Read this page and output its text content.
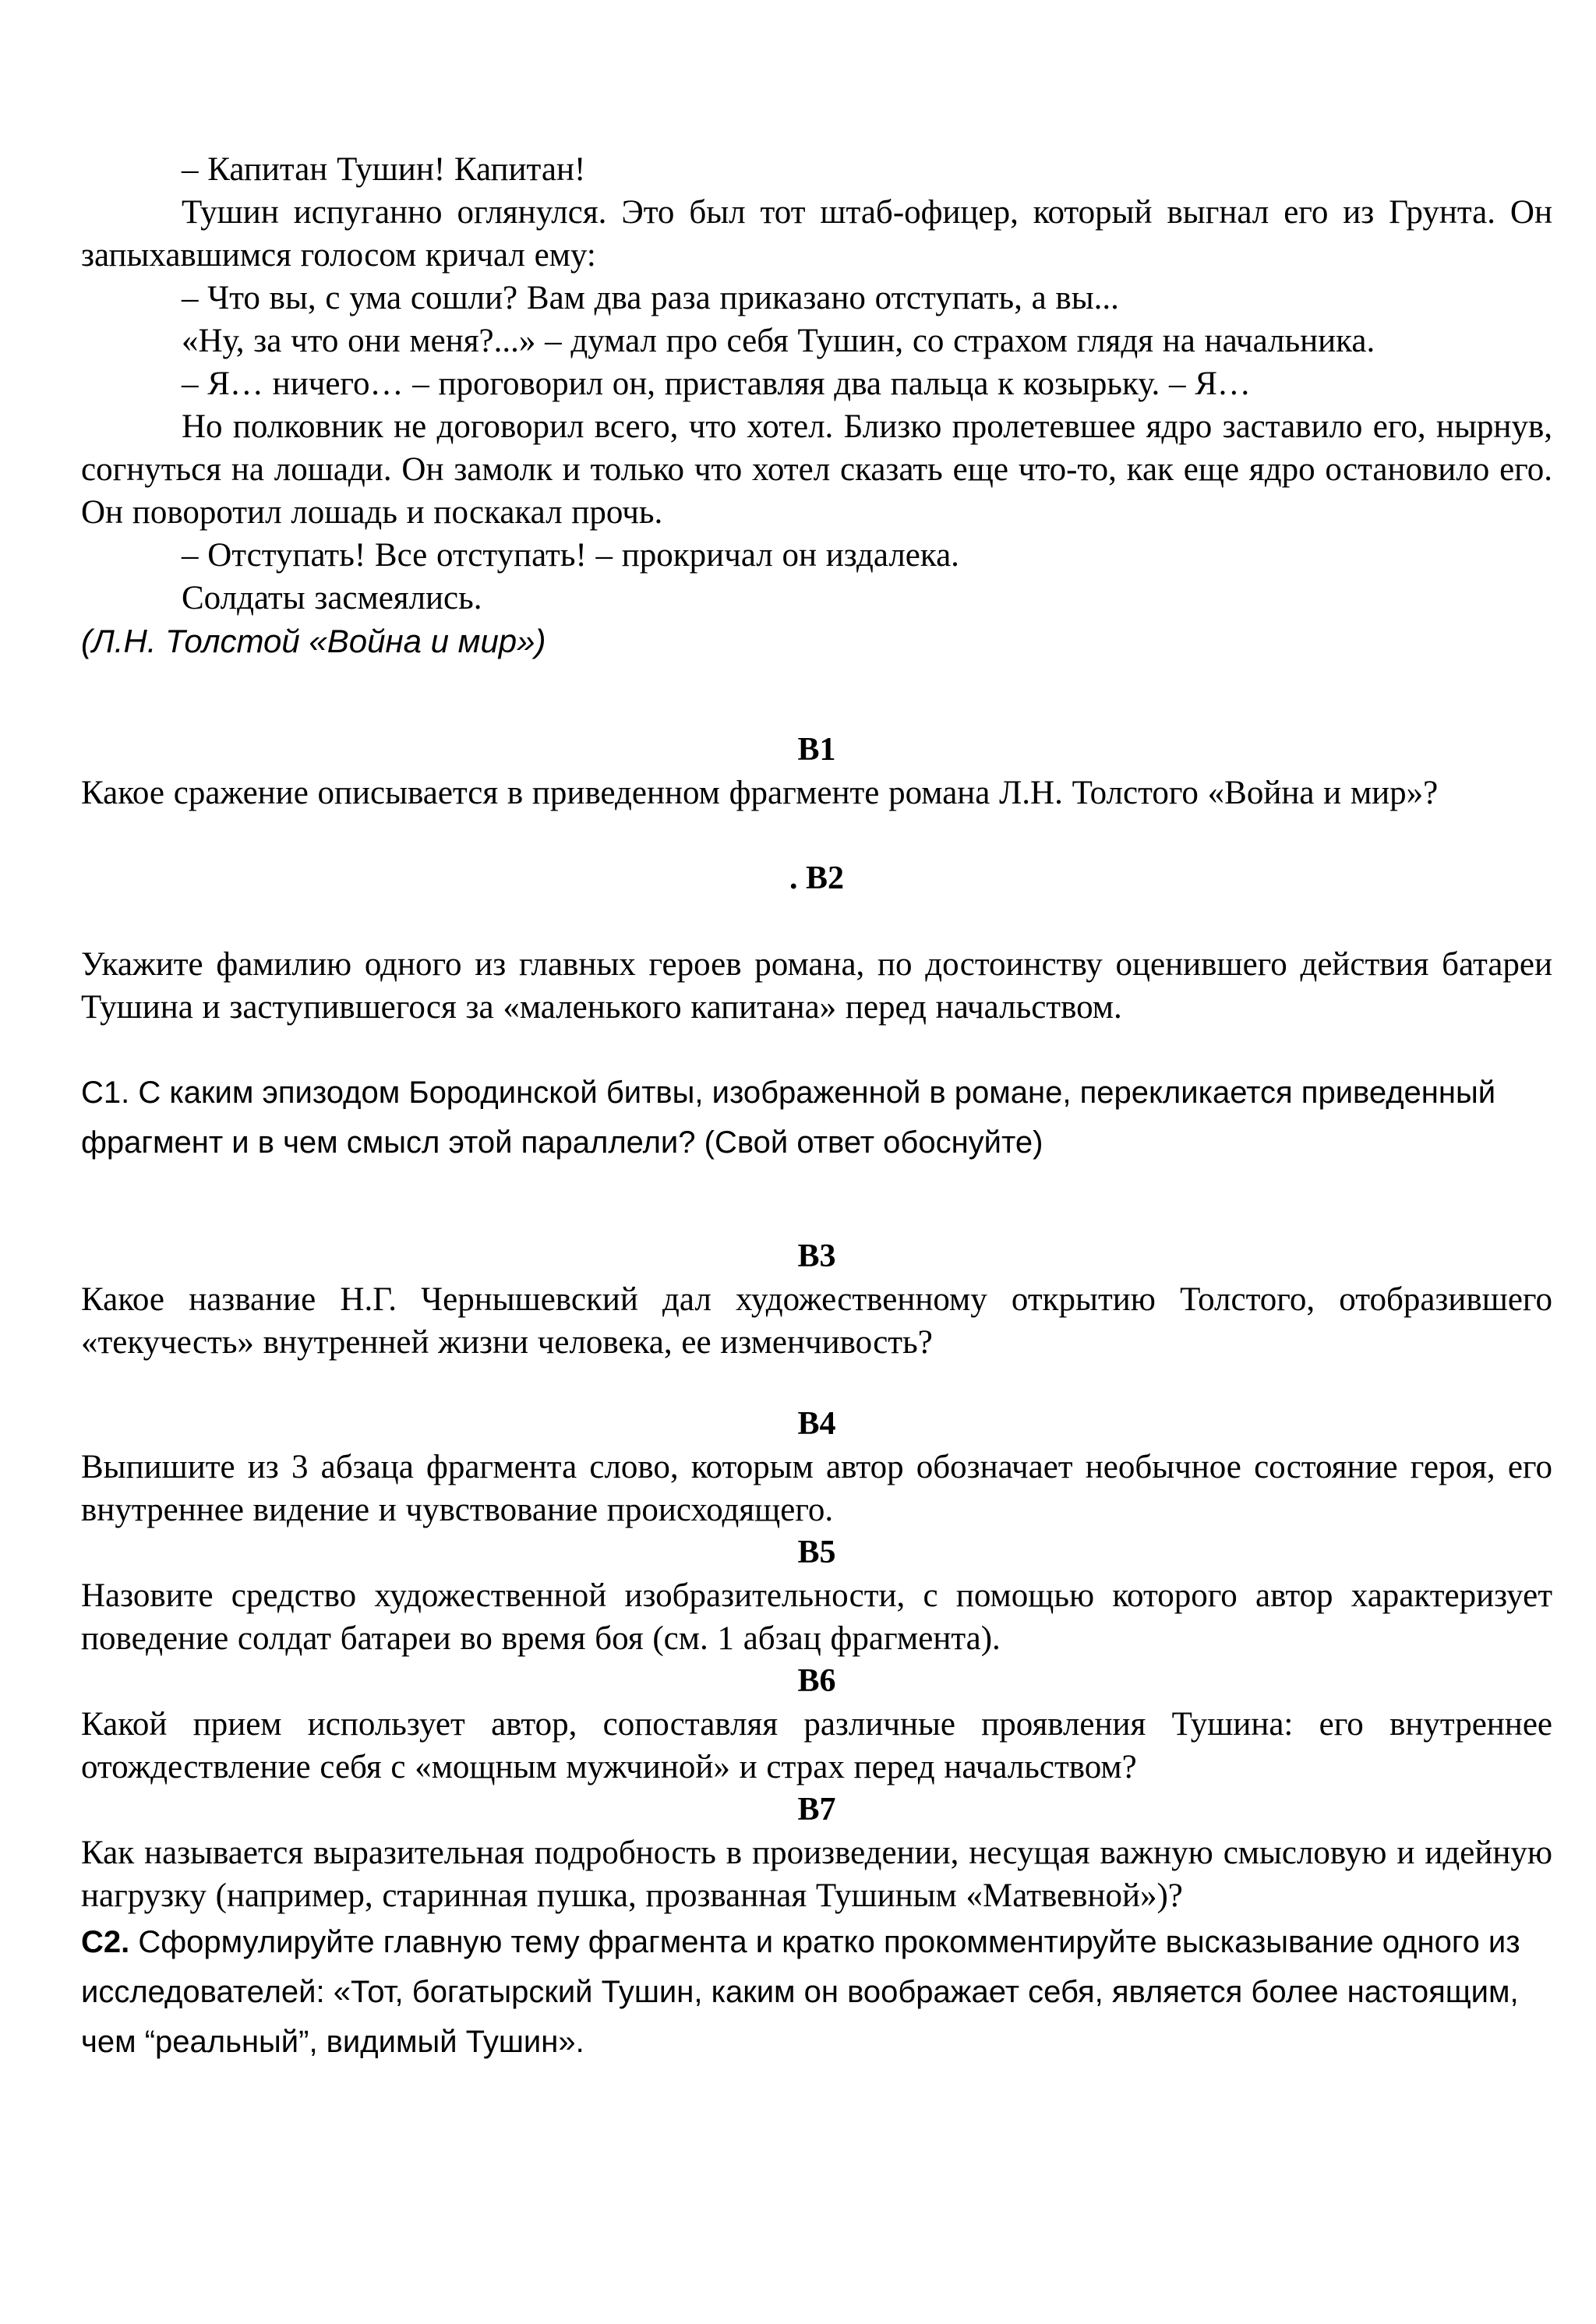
– Капитан Тушин! Капитан!

Тушин испуганно оглянулся. Это был тот штаб-офицер, который выгнал его из Грунта. Он запыхавшимся голосом кричал ему:

– Что вы, с ума сошли? Вам два раза приказано отступать, а вы...

«Ну, за что они меня?...» – думал про себя Тушин, со страхом глядя на начальника.

– Я… ничего… – проговорил он, приставляя два пальца к козырьку. – Я…

Но полковник не договорил всего, что хотел. Близко пролетевшее ядро заставило его, нырнув, согнуться на лошади. Он замолк и только что хотел сказать еще что-то, как еще ядро остановило его. Он поворотил лошадь и поскакал прочь.

– Отступать! Все отступать! – прокричал он издалека.

Солдаты засмеялись.

(Л.Н. Толстой «Война и мир»)

В1

Какое сражение описывается в приведенном фрагменте романа Л.Н. Толстого «Война и мир»?

. В2

Укажите фамилию одного из главных героев романа, по достоинству оценившего действия батареи Тушина и заступившегося за «маленького капитана» перед начальством.

С1. С каким эпизодом Бородинской битвы, изображенной в романе, перекликается приведенный фрагмент и в чем смысл этой параллели? (Свой ответ обоснуйте)

В3

Какое название Н.Г. Чернышевский дал художественному открытию Толстого, отобразившего «текучесть» внутренней жизни человека, ее изменчивость?

В4

Выпишите из 3 абзаца фрагмента слово, которым автор обозначает необычное состояние героя, его внутреннее видение и чувствование происходящего.

В5

Назовите средство художественной изобразительности, с помощью которого автор характеризует поведение солдат батареи во время боя (см. 1 абзац фрагмента).

В6

Какой прием использует автор, сопоставляя различные проявления Тушина: его внутреннее отождествление себя с «мощным мужчиной» и страх перед начальством?

В7

Как называется выразительная подробность в произведении, несущая важную смысловую и идейную нагрузку (например, старинная пушка, прозванная Тушиным «Матвевной»)?

С2. Сформулируйте главную тему фрагмента и кратко прокомментируйте высказывание одного из исследователей: «Тот, богатырский Тушин, каким он воображает себя, является более настоящим, чем “реальный”, видимый Тушин».
